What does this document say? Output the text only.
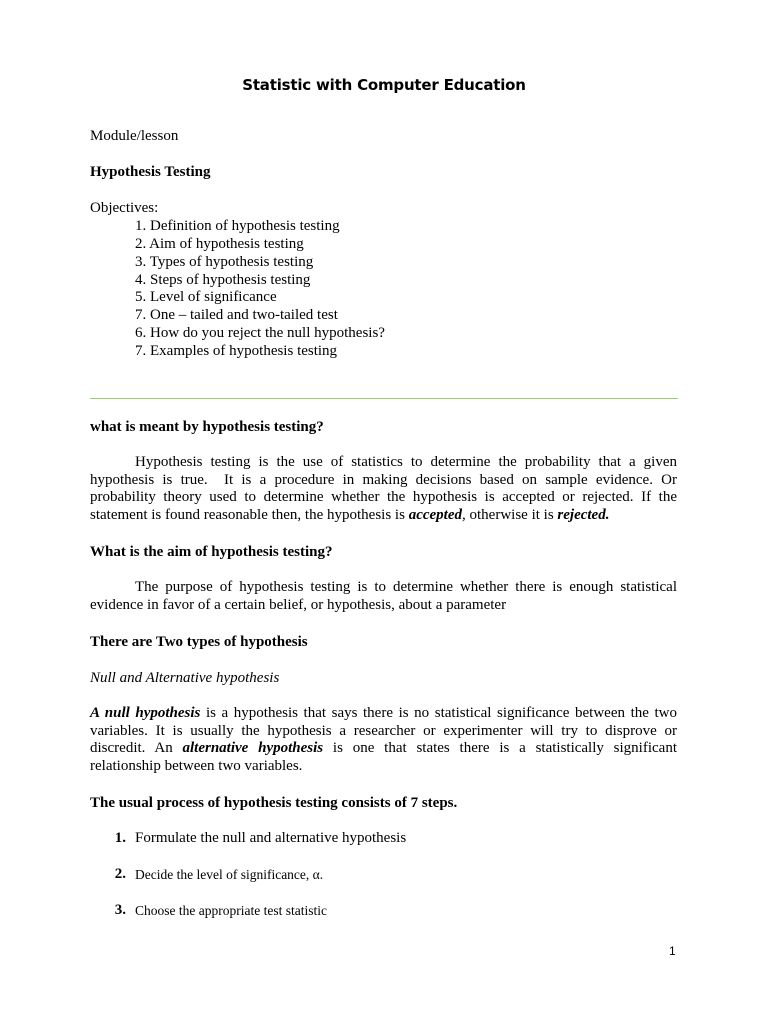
Statistic with Computer Education
Module/lesson
Hypothesis Testing
Objectives:
1. Definition of hypothesis testing
2. Aim of hypothesis testing
3. Types of hypothesis testing
4. Steps of hypothesis testing
5. Level of significance
7. One – tailed and two-tailed test
6. How do you reject the null hypothesis?
7. Examples of hypothesis testing
what is meant by hypothesis testing?
Hypothesis testing is the use of statistics to determine the probability that a given hypothesis is true.  It is a procedure in making decisions based on sample evidence. Or probability theory used to determine whether the hypothesis is accepted or rejected. If the statement is found reasonable then, the hypothesis is accepted, otherwise it is rejected.
What is the aim of hypothesis testing?
The purpose of hypothesis testing is to determine whether there is enough statistical evidence in favor of a certain belief, or hypothesis, about a parameter
There are Two types of hypothesis
Null and Alternative hypothesis
A null hypothesis is a hypothesis that says there is no statistical significance between the two variables. It is usually the hypothesis a researcher or experimenter will try to disprove or discredit. An alternative hypothesis is one that states there is a statistically significant relationship between two variables.
The usual process of hypothesis testing consists of 7 steps.
1. Formulate the null and alternative hypothesis
2. Decide the level of significance, α.
3. Choose the appropriate test statistic
1
